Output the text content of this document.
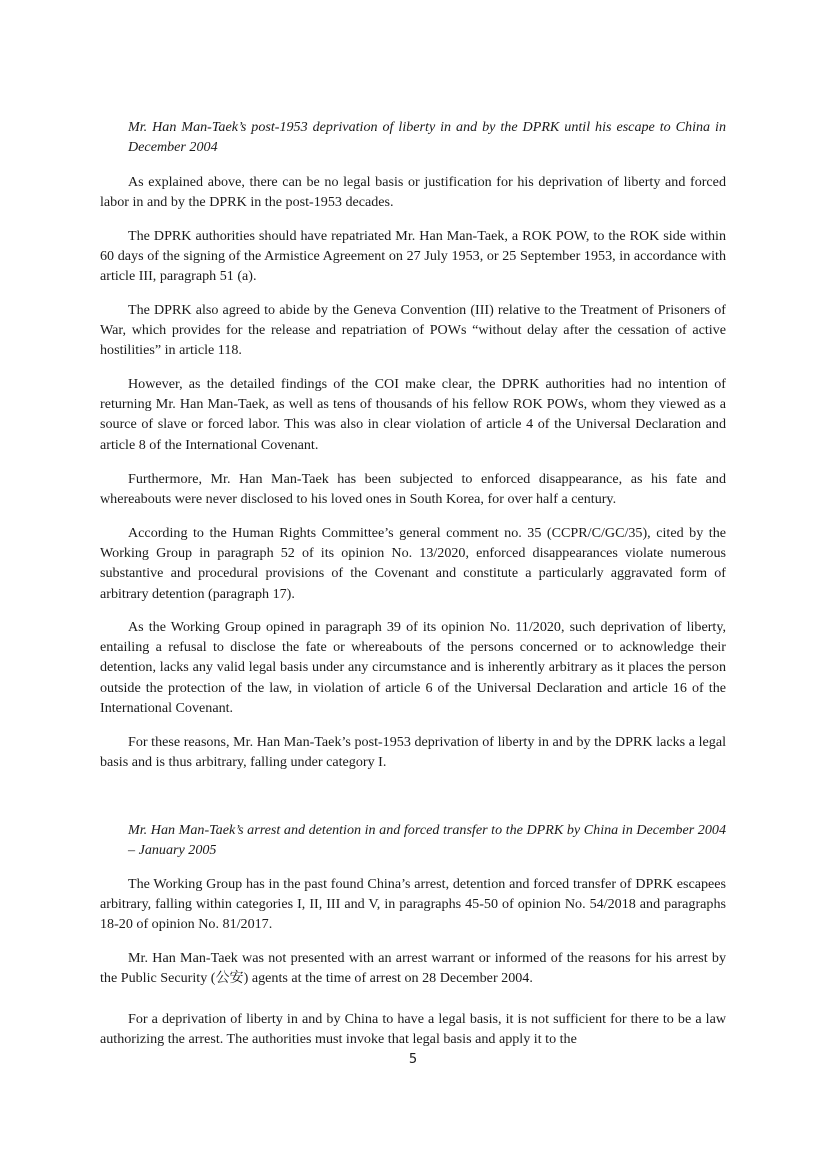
Mr. Han Man-Taek’s post-1953 deprivation of liberty in and by the DPRK until his escape to China in December 2004

As explained above, there can be no legal basis or justification for his deprivation of liberty and forced labor in and by the DPRK in the post-1953 decades.

The DPRK authorities should have repatriated Mr. Han Man-Taek, a ROK POW, to the ROK side within 60 days of the signing of the Armistice Agreement on 27 July 1953, or 25 September 1953, in accordance with article III, paragraph 51 (a).

The DPRK also agreed to abide by the Geneva Convention (III) relative to the Treatment of Prisoners of War, which provides for the release and repatriation of POWs “without delay after the cessation of active hostilities” in article 118.

However, as the detailed findings of the COI make clear, the DPRK authorities had no intention of returning Mr. Han Man-Taek, as well as tens of thousands of his fellow ROK POWs, whom they viewed as a source of slave or forced labor. This was also in clear violation of article 4 of the Universal Declaration and article 8 of the International Covenant.

Furthermore, Mr. Han Man-Taek has been subjected to enforced disappearance, as his fate and whereabouts were never disclosed to his loved ones in South Korea, for over half a century.

According to the Human Rights Committee’s general comment no. 35 (CCPR/C/GC/35), cited by the Working Group in paragraph 52 of its opinion No. 13/2020, enforced disappearances violate numerous substantive and procedural provisions of the Covenant and constitute a particularly aggravated form of arbitrary detention (paragraph 17).

As the Working Group opined in paragraph 39 of its opinion No. 11/2020, such deprivation of liberty, entailing a refusal to disclose the fate or whereabouts of the persons concerned or to acknowledge their detention, lacks any valid legal basis under any circumstance and is inherently arbitrary as it places the person outside the protection of the law, in violation of article 6 of the Universal Declaration and article 16 of the International Covenant.

For these reasons, Mr. Han Man-Taek’s post-1953 deprivation of liberty in and by the DPRK lacks a legal basis and is thus arbitrary, falling under category I.

Mr. Han Man-Taek’s arrest and detention in and forced transfer to the DPRK by China in December 2004 – January 2005

The Working Group has in the past found China’s arrest, detention and forced transfer of DPRK escapees arbitrary, falling within categories I, II, III and V, in paragraphs 45-50 of opinion No. 54/2018 and paragraphs 18-20 of opinion No. 81/2017.

Mr. Han Man-Taek was not presented with an arrest warrant or informed of the reasons for his arrest by the Public Security (公安) agents at the time of arrest on 28 December 2004.

For a deprivation of liberty in and by China to have a legal basis, it is not sufficient for there to be a law authorizing the arrest. The authorities must invoke that legal basis and apply it to the

5
